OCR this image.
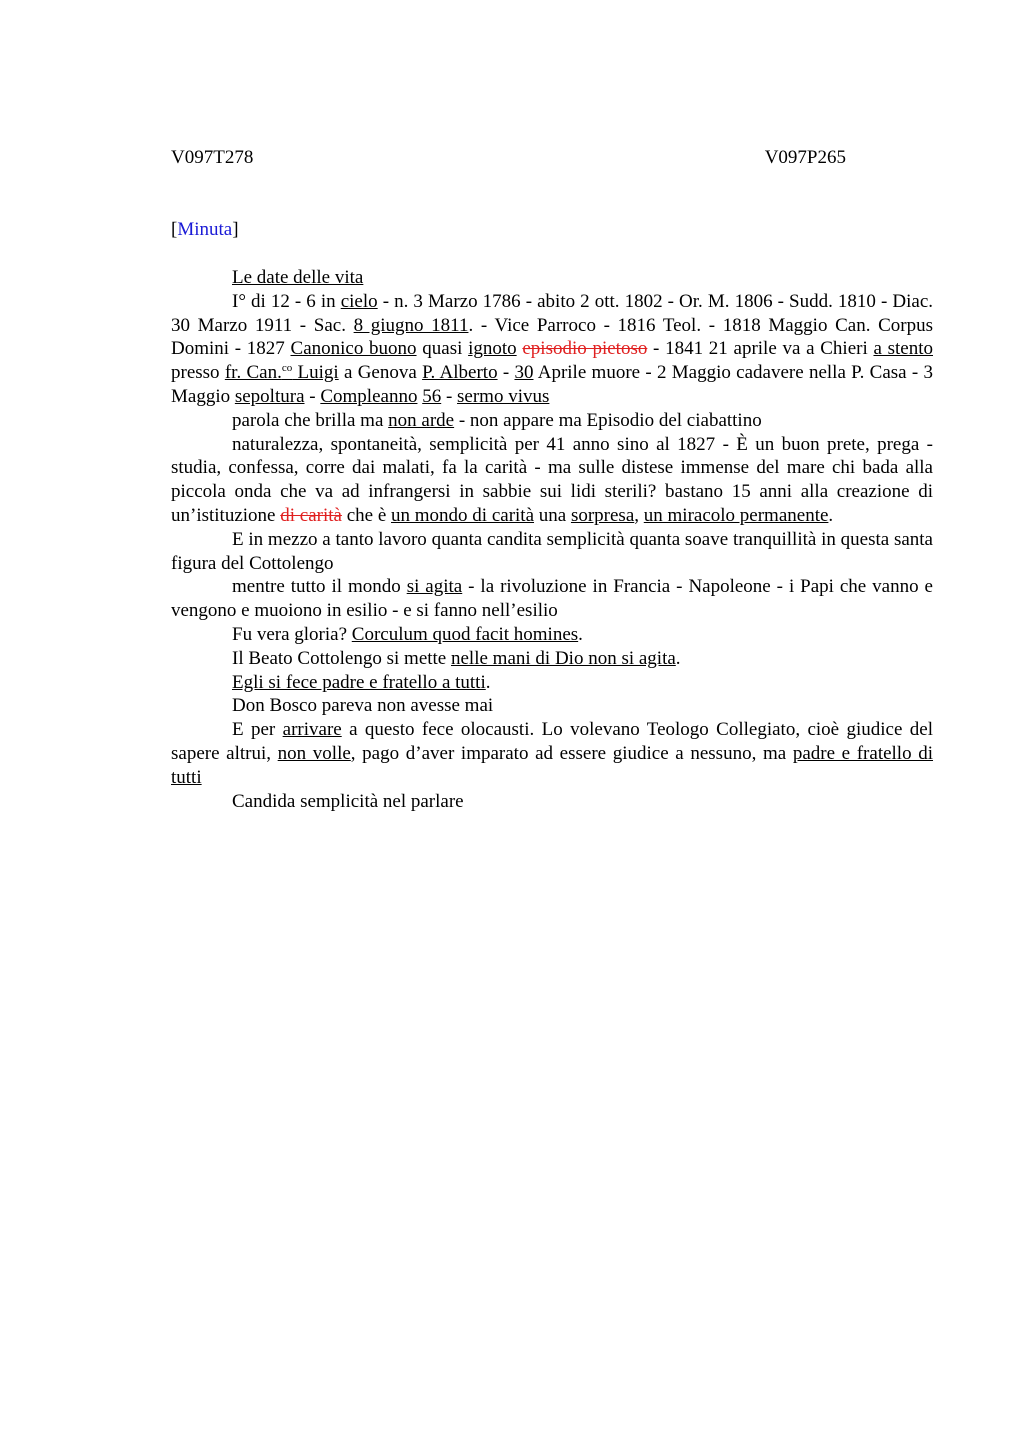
V097T278	V097P265
[Minuta]

Le date delle vita

I° di 12 - 6 in cielo - n. 3 Marzo 1786 - abito 2 ott. 1802 - Or. M. 1806 - Sudd. 1810 - Diac. 30 Marzo 1911 - Sac. 8 giugno 1811. - Vice Parroco - 1816 Teol. - 1818 Maggio Can. Corpus Domini - 1827 Canonico buono quasi ignoto episodio pietoso - 1841 21 aprile va a Chieri a stento presso fr. Can.$^{co}$ Luigi a Genova P. Alberto - 30 Aprile muore - 2 Maggio cadavere nella P. Casa - 3 Maggio sepoltura - Compleanno 56 - sermo vivus

parola che brilla ma non arde - non appare ma Episodio del ciabattino

naturalezza, spontaneità, semplicità per 41 anno sino al 1827 - È un buon prete, prega - studia, confessa, corre dai malati, fa la carità - ma sulle distese immense del mare chi bada alla piccola onda che va ad infrangersi in sabbie sui lidi sterili? bastano 15 anni alla creazione di un’istituzione di carità che è un mondo di carità una sorpresa, un miracolo permanente.

E in mezzo a tanto lavoro quanta candita semplicità quanta soave tranquillità in questa santa figura del Cottolengo

mentre tutto il mondo si agita - la rivoluzione in Francia - Napoleone - i Papi che vanno e vengono e muoiono in esilio - e si fanno nell’esilio

Fu vera gloria? Corculum quod facit homines.

Il Beato Cottolengo si mette nelle mani di Dio non si agita.

Egli si fece padre e fratello a tutti.

Don Bosco pareva non avesse mai

E per arrivare a questo fece olocausti. Lo volevano Teologo Collegiato, cioè giudice del sapere altrui, non volle, pago d’aver imparato ad essere giudice a nessuno, ma padre e fratello di tutti

Candida semplicità nel parlare
